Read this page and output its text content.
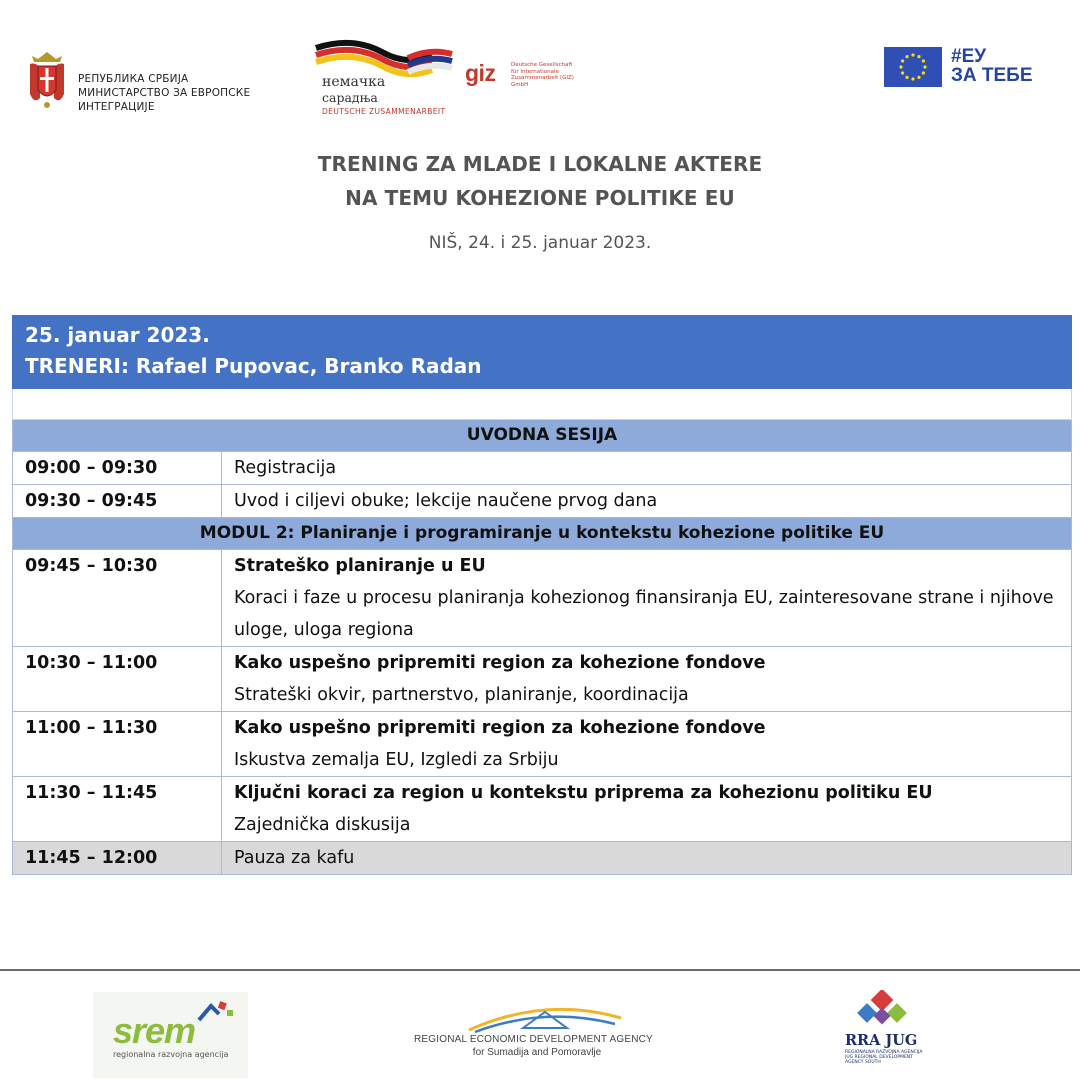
РЕПУБЛИКА СРБИЈА
МИНИСТАРСТВО ЗА ЕВРОПСКЕ ИНТЕГРАЦИЈЕ
немачка
сарадња
DEUTSCHE ZUSAMMENARBEIT
giz	Deutsche Gesellschaft für Internationale Zusammenarbeit (GIZ) GmbH
#ЕУ
ЗА ТЕБЕ
TRENING ZA MLADE I LOKALNE AKTERE
NA TEMU KOHEZIONE POLITIKE EU
NIŠ, 24. i 25. januar 2023.
25. januar 2023.
TRENERI: Rafael Pupovac, Branko Radan	

UVODNA SESIJA	
09:00 – 09:30	Registracija
09:30 – 09:45	Uvod i ciljevi obuke; lekcije naučene prvog dana
MODUL 2: Planiranje i programiranje u kontekstu kohezione politike EU	
09:45 – 10:30	Strateško planiranje u EU
Koraci i faze u procesu planiranja kohezionog finansiranja EU, zainteresovane strane i njihove uloge, uloga regiona

10:30 – 11:00	Kako uspešno pripremiti region za kohezione fondove
Strateški okvir, partnerstvo, planiranje, koordinacija

11:00 – 11:30	Kako uspešno pripremiti region za kohezione fondove
Iskustva zemalja EU, Izgledi za Srbiju

11:30 – 11:45	Ključni koraci za region u kontekstu priprema za kohezionu politiku EU
Zajednička diskusija

11:45 – 12:00	Pauza za kafu
srem
regionalna razvojna agencija
REGIONAL ECONOMIC DEVELOPMENT AGENCY
for Sumadija and Pomoravlje
RRA JUG
REGIONALNA RAZVOJNA AGENCIJA JUG REGIONAL DEVELOPMENT AGENCY SOUTH
